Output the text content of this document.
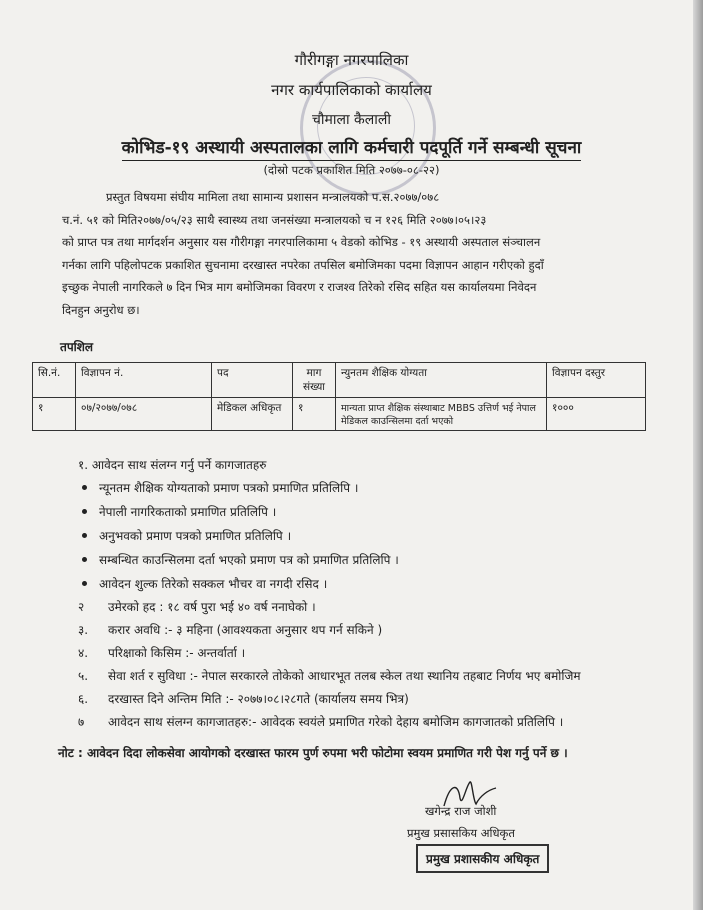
गौरीगङ्गा नगरपालिका
नगर कार्यपालिकाको कार्यालय
चौमाला कैलाली
कोभिड-१९ अस्थायी अस्पतालका लागि कर्मचारी पदपूर्ति गर्ने सम्बन्धी सूचना
(दोस्रो पटक प्रकाशित मिति २०७७-०८-२२)
प्रस्तुत विषयमा संघीय मामिला तथा सामान्य प्रशासन मन्त्रालयको प.स.२०७७/०७८
च.नं. ५१ को मिति२०७७/०५/२३ साथै स्वास्थ्य तथा जनसंख्या मन्त्रालयको च न १२६ मिति २०७७।०५।२३
को प्राप्त पत्र तथा मार्गदर्शन अनुसार यस गौरीगङ्गा नगरपालिकामा ५ वेडको कोभिड - १९ अस्थायी अस्पताल संञ्चालन
गर्नका लागि पहिलोपटक प्रकाशित सुचनामा दरखास्त नपरेका तपसिल बमोजिमका पदमा विज्ञापन आहान गरीएको हुदाँ
इच्छुक नेपाली नागरिकले ७ दिन भित्र माग बमोजिमका विवरण र राजश्व तिरेको रसिद सहित यस कार्यालयमा निवेदन
दिनहुन अनुरोध छ।
तपशिल
सि.नं.	विज्ञापन नं.	पद	माग संख्या	न्युनतम शैक्षिक योग्यता	विज्ञापन दस्तुर
१	०७/२०७७/०७८	मेडिकल अधिकृत	१	मान्यता प्राप्त शैक्षिक संस्थाबाट MBBS उत्तिर्ण भई नेपाल मेडिकल काउन्सिलमा दर्ता भएको	१०००
१. आवेदन साथ संलग्न गर्नु पर्ने कागजातहरु
न्यूनतम शैक्षिक योग्यताको प्रमाण पत्रको प्रमाणित प्रतिलिपि ।
नेपाली नागरिकताको प्रमाणित प्रतिलिपि ।
अनुभवको प्रमाण पत्रको प्रमाणित प्रतिलिपि ।
सम्बन्धित काउन्सिलमा दर्ता भएको प्रमाण पत्र को प्रमाणित प्रतिलिपि ।
आवेदन शुल्क तिरेको सक्कल भौचर वा नगदी रसिद ।
२ उमेरको हद : १८ वर्ष पुरा भई ४० वर्ष ननाघेको ।
३. करार अवधि :- ३ महिना (आवश्यकता अनुसार थप गर्न सकिने )
४. परिक्षाको किसिम :- अन्तर्वार्ता ।
५. सेवा शर्त र सुविधा :- नेपाल सरकारले तोकेको आधारभूत तलब स्केल तथा स्थानिय तहबाट निर्णय भए बमोजिम
६. दरखास्त दिने अन्तिम मिति :- २०७७।०८।२८गते (कार्यालय समय भित्र)
७ आवेदन साथ संलग्न कागजातहरु:- आवेदक स्वयंले प्रमाणित गरेको देहाय बमोजिम कागजातको प्रतिलिपि ।
नोट : आवेदन दिदा लोकसेवा आयोगको दरखास्त फारम पुर्ण रुपमा भरी फोटोमा स्वयम प्रमाणित गरी पेश गर्नु पर्ने छ ।
खगेन्द्र राज जोशी
प्रमुख प्रसासकिय अधिकृत
प्रमुख प्रशासकीय अधिकृत
